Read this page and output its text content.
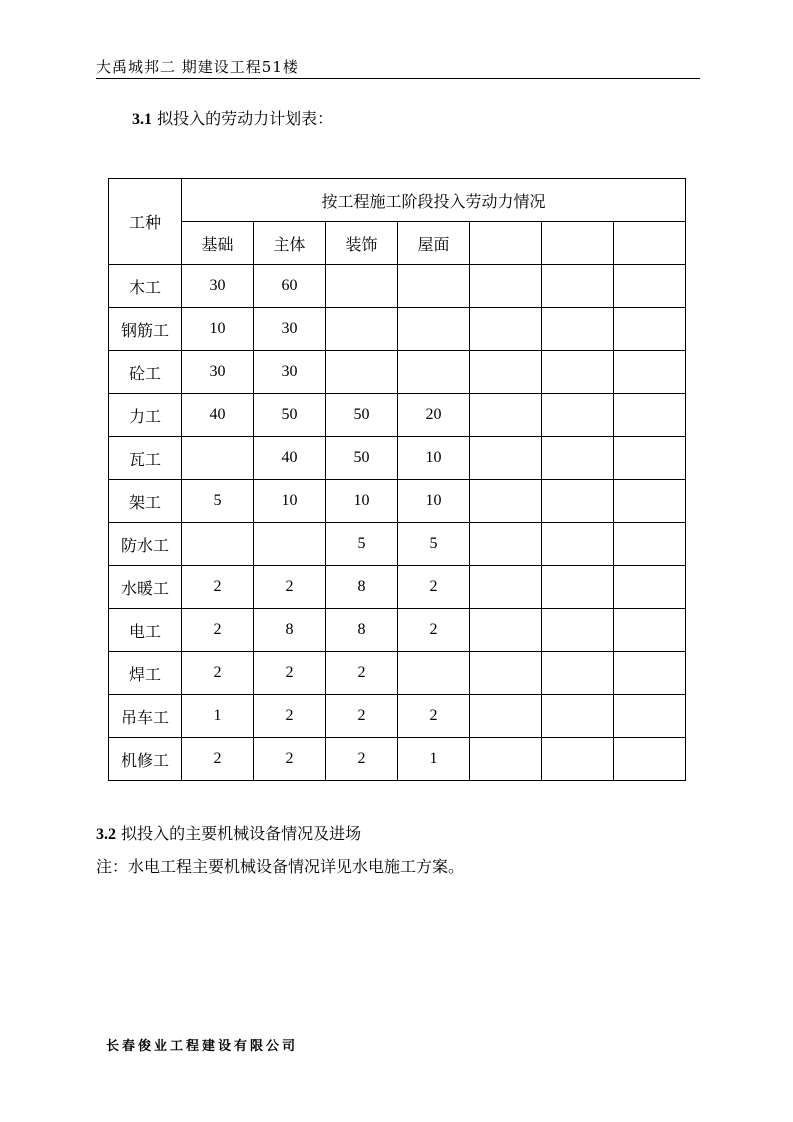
大禹城邦二 期建设工程51楼
3.1 拟投入的劳动力计划表：
工种	按工程施工阶段投入劳动力情况						
	基础	主体	装饰	屋面			
木工	30	60					
钢筋工	10	30					
砼工	30	30					
力工	40	50	50	20			
瓦工		40	50	10			
架工	5	10	10	10			
防水工			5	5			
水暖工	2	2	8	2			
电工	2	8	8	2			
焊工	2	2	2				
吊车工	1	2	2	2			
机修工	2	2	2	1			
3.2 拟投入的主要机械设备情况及进场
注：水电工程主要机械设备情况详见水电施工方案。
长春俊业工程建设有限公司
